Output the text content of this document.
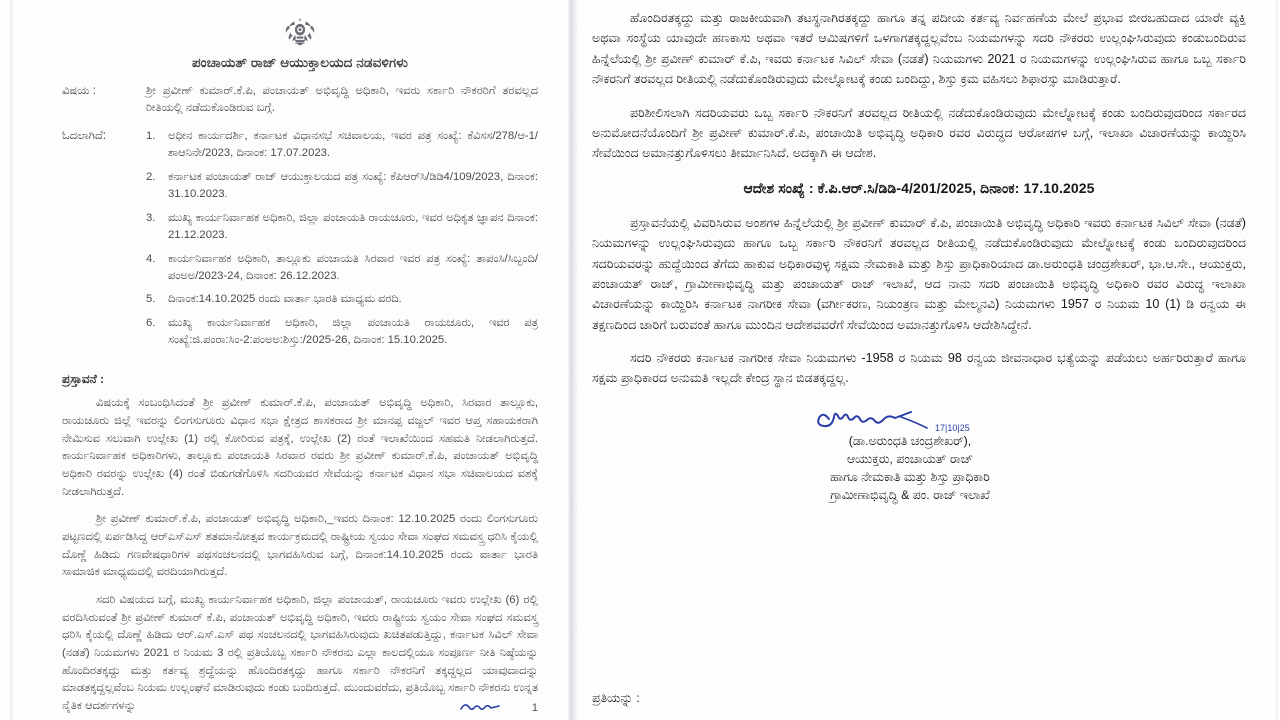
ಪಂಚಾಯತ್ ರಾಜ್ ಆಯುಕ್ತಾಲಯದ ನಡವಳಿಗಳು
ವಿಷಯ :	ಶ್ರೀ ಪ್ರವೀಣ್ ಕುಮಾರ್.ಕೆ.ಪಿ, ಪಂಚಾಯತ್ ಅಭಿವೃದ್ಧಿ ಅಧಿಕಾರಿ, ಇವರು ಸರ್ಕಾರಿ ನೌಕರರಿಗೆ ತರವಲ್ಲದ ರೀತಿಯಲ್ಲಿ ನಡೆದುಕೊಂಡಿರುವ ಬಗ್ಗೆ.
ಓದಲಾಗಿದೆ:	1.	ಅಧೀನ ಕಾರ್ಯದರ್ಶಿ, ಕರ್ನಾಟಕ ವಿಧಾನಸಭೆ ಸಚಿವಾಲಯ, ಇವರ ಪತ್ರ ಸಂಖ್ಯೆ: ಕೆವಿಸಸ/278/ಆ-1/ಶಾಆನಿನೇ/2023, ದಿನಾಂಕ: 17.07.2023.
2.	ಕರ್ನಾಟಕ ಪಂಚಾಯತ್ ರಾಜ್ ಆಯುಕ್ತಾಲಯದ ಪತ್ರ ಸಂಖ್ಯೆ: ಕೆಪಿಆರ್‌ಸಿ/ಡಿಡಿ4/109/2023, ದಿನಾಂಕ: 31.10.2023.
3.	ಮುಖ್ಯ ಕಾರ್ಯನಿರ್ವಾಹಕ ಅಧಿಕಾರಿ, ಜಿಲ್ಲಾ ಪಂಚಾಯತಿ ರಾಯಚೂರು, ಇವರ ಅಧಿಕೃತ ಜ್ಞಾಪನ ದಿನಾಂಕ: 21.12.2023.
4.	ಕಾರ್ಯನಿರ್ವಾಹಕ ಅಧಿಕಾರಿ, ತಾಲ್ಲೂಕು ಪಂಚಾಯತಿ ಸಿರವಾರ ಇವರ ಪತ್ರ ಸಂಖ್ಯೆ: ತಾಪಂಸಿ/ಸಿಬ್ಬಂದಿ/ಪಂಅಅ/2023-24, ದಿನಾಂಕ: 26.12.2023.
5.	ದಿನಾಂಕ:14.10.2025 ರಂದು ವಾರ್ತಾ ಭಾರತಿ ಮಾಧ್ಯಮ ವರದಿ.
6.	ಮುಖ್ಯ ಕಾರ್ಯನಿರ್ವಾಹಕ ಅಧಿಕಾರಿ, ಜಿಲ್ಲಾ ಪಂಚಾಯತಿ ರಾಯಚೂರು, ಇವರ ಪತ್ರ ಸಂಖ್ಯೆ:ಜಿ.ಪಂರಾ:ಸಿಂ-2:ಪಂಅಅ:ಶಿಸ್ತು:/2025-26, ದಿನಾಂಕ: 15.10.2025.
ಪ್ರಸ್ತಾವನೆ :

ವಿಷಯಕ್ಕೆ ಸಂಬಂಧಿಸಿದಂತೆ ಶ್ರೀ ಪ್ರವೀಣ್ ಕುಮಾರ್.ಕೆ.ಪಿ, ಪಂಚಾಯತ್ ಅಭಿವೃದ್ಧಿ ಅಧಿಕಾರಿ, ಸಿರವಾರ ತಾಲ್ಲೂಕು, ರಾಯಚೂರು ಜಿಲ್ಲೆ ಇವರನ್ನು ಲಿಂಗಸುಗೂರು ವಿಧಾನ ಸಭಾ ಕ್ಷೇತ್ರದ ಶಾಸಕರಾದ ಶ್ರೀ ಮಾನಪ್ಪ ವಜ್ಜಲ್ ಇವರ ಆಪ್ತ ಸಹಾಯಕರಾಗಿ ನೇಮಿಸುವ ಸಲುವಾಗಿ ಉಲ್ಲೇಖ (1) ರಲ್ಲಿ ಕೋರಿರುವ ಪತ್ರಕ್ಕೆ, ಉಲ್ಲೇಖ (2) ರಂತೆ ಇಲಾಖೆಯಿಂದ ಸಹಮತಿ ನೀಡಲಾಗಿರುತ್ತದೆ. ಕಾರ್ಯನಿರ್ವಾಹಕ ಅಧಿಕಾರಿಗಳು, ತಾಲ್ಲೂಕು ಪಂಚಾಯತಿ ಸಿರವಾರ ರವರು ಶ್ರೀ ಪ್ರವೀಣ್ ಕುಮಾರ್.ಕೆ.ಪಿ, ಪಂಚಾಯತ್ ಅಭಿವೃದ್ಧಿ ಅಧಿಕಾರಿ ರವರನ್ನು ಉಲ್ಲೇಖ (4) ರಂತೆ ಬಿಡುಗಡೆಗೊಳಿಸಿ ಸದರಿಯವರ ಸೇವೆಯನ್ನು ಕರ್ನಾಟಕ ವಿಧಾನ ಸಭಾ ಸಚಿವಾಲಯದ ವಶಕ್ಕೆ ನೀಡಲಾಗಿರುತ್ತದೆ.

ಶ್ರೀ ಪ್ರವೀಣ್ ಕುಮಾರ್.ಕೆ.ಪಿ, ಪಂಚಾಯತ್ ಅಭಿವೃದ್ಧಿ ಅಧಿಕಾರಿ,_ಇವರು ದಿನಾಂಕ: 12.10.2025 ರಂದು ಲಿಂಗಸುಗೂರು ಪಟ್ಟಣದಲ್ಲಿ ಏರ್ಪಡಿಸಿದ್ದ ಆರ್‌ಎಸ್‌ಎಸ್ ಶತಮಾನೋತ್ಸವ ಕಾರ್ಯಕ್ರಮದಲ್ಲಿ ರಾಷ್ಟ್ರೀಯ ಸ್ವಯಂ ಸೇವಾ ಸಂಘದ ಸಮವಸ್ತ್ರ ಧರಿಸಿ ಕೈಯಲ್ಲಿ ದೊಣ್ಣೆ ಹಿಡಿದು ಗಣವೇಷಧಾರಿಗಳ ಪಥಸಂಚಲನದಲ್ಲಿ ಭಾಗವಹಿಸಿರುವ ಬಗ್ಗೆ, ದಿನಾಂಕ:14.10.2025 ರಂದು ವಾರ್ತಾ ಭಾರತಿ ಸಾಮಾಜಿಕ ಮಾಧ್ಯಮದಲ್ಲಿ ವರದಿಯಾಗಿರುತ್ತದೆ.

ಸದರಿ ವಿಷಯದ ಬಗ್ಗೆ, ಮುಖ್ಯ ಕಾರ್ಯನಿರ್ವಾಹಕ ಅಧಿಕಾರಿ, ಜಿಲ್ಲಾ ಪಂಚಾಯತ್, ರಾಯಚೂರು ಇವರು ಉಲ್ಲೇಖ (6) ರಲ್ಲಿ ವರದಿಸಿರುವಂತೆ ಶ್ರೀ ಪ್ರವೀಣ್ ಕುಮಾರ್ ಕೆ.ಪಿ, ಪಂಚಾಯತ್ ಅಭಿವೃದ್ಧಿ ಅಧಿಕಾರಿ, ಇವರು ರಾಷ್ಟ್ರೀಯ ಸ್ವಯಂ ಸೇವಾ ಸಂಘದ ಸಮವಸ್ತ್ರ ಧರಿಸಿ ಕೈಯಲ್ಲಿ ದೊಣ್ಣೆ ಹಿಡಿದು ಆರ್.ಎಸ್.ಎಸ್ ಪಥ ಸಂಚಲನದಲ್ಲಿ ಭಾಗವಹಿಸಿರುವುದು ಖಚಿತಪಡುತ್ತಿದ್ದು, ಕರ್ನಾಟಕ ಸಿವಿಲ್ ಸೇವಾ (ನಡತೆ) ನಿಯಮಗಳು 2021 ರ ನಿಯಮ 3 ರಲ್ಲಿ ಪ್ರತಿಯೊಬ್ಬ ಸರ್ಕಾರಿ ನೌಕರನು ಎಲ್ಲಾ ಕಾಲದಲ್ಲಿಯೂ ಸಂಪೂರ್ಣ ನೀತಿ ನಿಷ್ಠೆಯನ್ನು ಹೊಂದಿರತಕ್ಕದ್ದು ಮತ್ತು ಕರ್ತವ್ಯ ಶ್ರದ್ಧೆಯನ್ನು ಹೊಂದಿರತಕ್ಕದ್ದು ಹಾಗೂ ಸರ್ಕಾರಿ ನೌಕರನಿಗೆ ತಕ್ಕದ್ದಲ್ಲದ ಯಾವುದಾದನ್ನು ಮಾಡತಕ್ಕದ್ದಲ್ಲವೆಂಬ ನಿಯಮ ಉಲ್ಲಂಘನೆ ಮಾಡಿರುವುದು ಕಂಡು ಬಂದಿರುತ್ತದೆ. ಮುಂದುವರೆದು, ಪ್ರತಿಯೊಬ್ಬ ಸರ್ಕಾರಿ ನೌಕರನು ಉನ್ನತ ನೈತಿಕ ಆದರ್ಶಗಳನ್ನು	1

ಹೊಂದಿರತಕ್ಕದ್ದು ಮತ್ತು ರಾಜಕೀಯವಾಗಿ ತಟಸ್ಥನಾಗಿರತಕ್ಕದ್ದು ಹಾಗೂ ತನ್ನ ಪದೀಯ ಕರ್ತವ್ಯ ನಿರ್ವಹಣೆಯ ಮೇಲೆ ಪ್ರಭಾವ ಬೀರಬಹುದಾದ ಯಾರೇ ವ್ಯಕ್ತಿ ಅಥವಾ ಸಂಸ್ಥೆಯ ಯಾವುದೇ ಹಣಕಾಸು ಅಥವಾ ಇತರೆ ಆಮಿಷಗಳಿಗೆ ಒಳಗಾಗತಕ್ಕದ್ದಲ್ಲವೆಂಬ ನಿಯಮಗಳನ್ನು ಸದರಿ ನೌಕರರು ಉಲ್ಲಂಘಿಸಿರುವುದು ಕಂಡುಬಂದಿರುವ ಹಿನ್ನೆಲೆಯಲ್ಲಿ ಶ್ರೀ ಪ್ರವೀಣ್ ಕುಮಾರ್ ಕೆ.ಪಿ, ಇವರು ಕರ್ನಾಟಕ ಸಿವಿಲ್ ಸೇವಾ (ನಡತೆ) ನಿಯಮಗಳು 2021 ರ ನಿಯಮಗಳನ್ನು ಉಲ್ಲಂಘಿಸಿರುವ ಹಾಗೂ ಒಬ್ಬ ಸರ್ಕಾರಿ ನೌಕರನಿಗೆ ತರವಲ್ಲದ ರೀತಿಯಲ್ಲಿ ನಡೆದುಕೊಂಡಿರುವುದು ಮೇಲ್ನೋಟಕ್ಕೆ ಕಂಡು ಬಂದಿದ್ದು, ಶಿಸ್ತು ಕ್ರಮ ವಹಿಸಲು ಶಿಫಾರಸ್ಸು ಮಾಡಿರುತ್ತಾರೆ.

ಪರಿಶೀಲಿಸಲಾಗಿ ಸದರಿಯವರು ಒಬ್ಬ ಸರ್ಕಾರಿ ನೌಕರನಿಗೆ ತರವಲ್ಲದ ರೀತಿಯಲ್ಲಿ ನಡೆದುಕೊಂಡಿರುವುದು ಮೇಲ್ನೋಟಕ್ಕೆ ಕಂಡು ಬಂದಿರುವುದರಿಂದ ಸರ್ಕಾರದ ಅನುಮೋದನೆಯೊಂದಿಗೆ ಶ್ರೀ ಪ್ರವೀಣ್ ಕುಮಾರ್.ಕೆ.ಪಿ, ಪಂಚಾಯಿತಿ ಅಭಿವೃದ್ಧಿ ಅಧಿಕಾರಿ ರವರ ವಿರುದ್ಧದ ಆರೋಪಗಳ ಬಗ್ಗೆ, ಇಲಾಖಾ ವಿಚಾರಣೆಯನ್ನು ಕಾಯ್ದಿರಿಸಿ ಸೇವೆಯಿಂದ ಅಮಾನತ್ತುಗೊಳಿಸಲು ತೀರ್ಮಾನಿಸಿದೆ. ಅದಕ್ಕಾಗಿ ಈ ಆದೇಶ.

ಆದೇಶ ಸಂಖ್ಯೆ : ಕೆ.ಪಿ.ಆರ್.ಸಿ/ಡಿಡಿ-4/201/2025, ದಿನಾಂಕ: 17.10.2025

ಪ್ರಸ್ತಾವನೆಯಲ್ಲಿ ವಿವರಿಸಿರುವ ಅಂಶಗಳ ಹಿನ್ನೆಲೆಯಲ್ಲಿ ಶ್ರೀ ಪ್ರವೀಣ್ ಕುಮಾರ್ ಕೆ.ಪಿ, ಪಂಚಾಯಿತಿ ಅಭಿವೃದ್ಧಿ ಅಧಿಕಾರಿ ಇವರು ಕರ್ನಾಟಕ ಸಿವಿಲ್ ಸೇವಾ (ನಡತೆ) ನಿಯಮಗಳನ್ನು ಉಲ್ಲಂಘಿಸಿರುವುದು ಹಾಗೂ ಒಬ್ಬ ಸರ್ಕಾರಿ ನೌಕರನಿಗೆ ತರವಲ್ಲದ ರೀತಿಯಲ್ಲಿ ನಡೆದುಕೊಂಡಿರುವುದು ಮೇಲ್ನೋಟಕ್ಕೆ ಕಂಡು ಬಂದಿರುವುದರಿಂದ ಸದರಿಯವರನ್ನು ಹುದ್ದೆಯಿಂದ ತೆಗೆದು ಹಾಕುವ ಅಧಿಕಾರವುಳ್ಳ ಸಕ್ಷಮ ನೇಮಕಾತಿ ಮತ್ತು ಶಿಸ್ತು ಪ್ರಾಧಿಕಾರಿಯಾದ ಡಾ.ಅರುಂಧತಿ ಚಂದ್ರಶೇಖರ್, ಭಾ.ಆ.ಸೇ., ಆಯುಕ್ತರು, ಪಂಚಾಯತ್ ರಾಜ್, ಗ್ರಾಮೀಣಾಭಿವೃದ್ಧಿ ಮತ್ತು ಪಂಚಾಯತ್ ರಾಜ್ ಇಲಾಖೆ, ಆದ ನಾನು ಸದರಿ ಪಂಚಾಯಿತಿ ಅಭಿವೃದ್ಧಿ ಅಧಿಕಾರಿ ರವರ ವಿರುದ್ಧ ಇಲಾಖಾ ವಿಚಾರಣೆಯನ್ನು ಕಾಯ್ದಿರಿಸಿ ಕರ್ನಾಟಕ ನಾಗರೀಕ ಸೇವಾ (ವರ್ಗೀಕರಣ, ನಿಯಂತ್ರಣ ಮತ್ತು ಮೇಲ್ಮನವಿ) ನಿಯಮಗಳು 1957 ರ ನಿಯಮ 10 (1) ಡಿ ರನ್ವಯ ಈ ತಕ್ಷಣದಿಂದ ಜಾರಿಗೆ ಬರುವಂತೆ ಹಾಗೂ ಮುಂದಿನ ಆದೇಶವವರೆಗೆ ಸೇವೆಯಿಂದ ಅಮಾನತ್ತುಗೊಳಿಸಿ ಆದೇಶಿಸಿದ್ದೇನೆ.

ಸದರಿ ನೌಕರರು ಕರ್ನಾಟಕ ನಾಗರೀಕ ಸೇವಾ ನಿಯಮಗಳು -1958 ರ ನಿಯಮ 98 ರನ್ವಯ ಜೀವನಾಧಾರ ಭತ್ಯೆಯನ್ನು ಪಡೆಯಲು ಅರ್ಹರಿರುತ್ತಾರೆ ಹಾಗೂ ಸಕ್ಷಮ ಪ್ರಾಧಿಕಾರದ ಅನುಮತಿ ಇಲ್ಲದೇ ಕೇಂದ್ರ ಸ್ಥಾನ ಬಿಡತಕ್ಕದ್ದಲ್ಲ.

17|10|25
(ಡಾ.ಅರುಂಧತಿ ಚಂದ್ರಶೇಖರ್),
ಆಯುಕ್ತರು, ಪಂಚಾಯತ್ ರಾಜ್
ಹಾಗೂ ನೇಮಕಾತಿ ಮತ್ತು ಶಿಸ್ತು ಪ್ರಾಧಿಕಾರಿ
ಗ್ರಾಮೀಣಾಭಿವೃದ್ಧಿ & ಪಂ. ರಾಜ್ ಇಲಾಖೆ
ಪ್ರತಿಯನ್ನು :
